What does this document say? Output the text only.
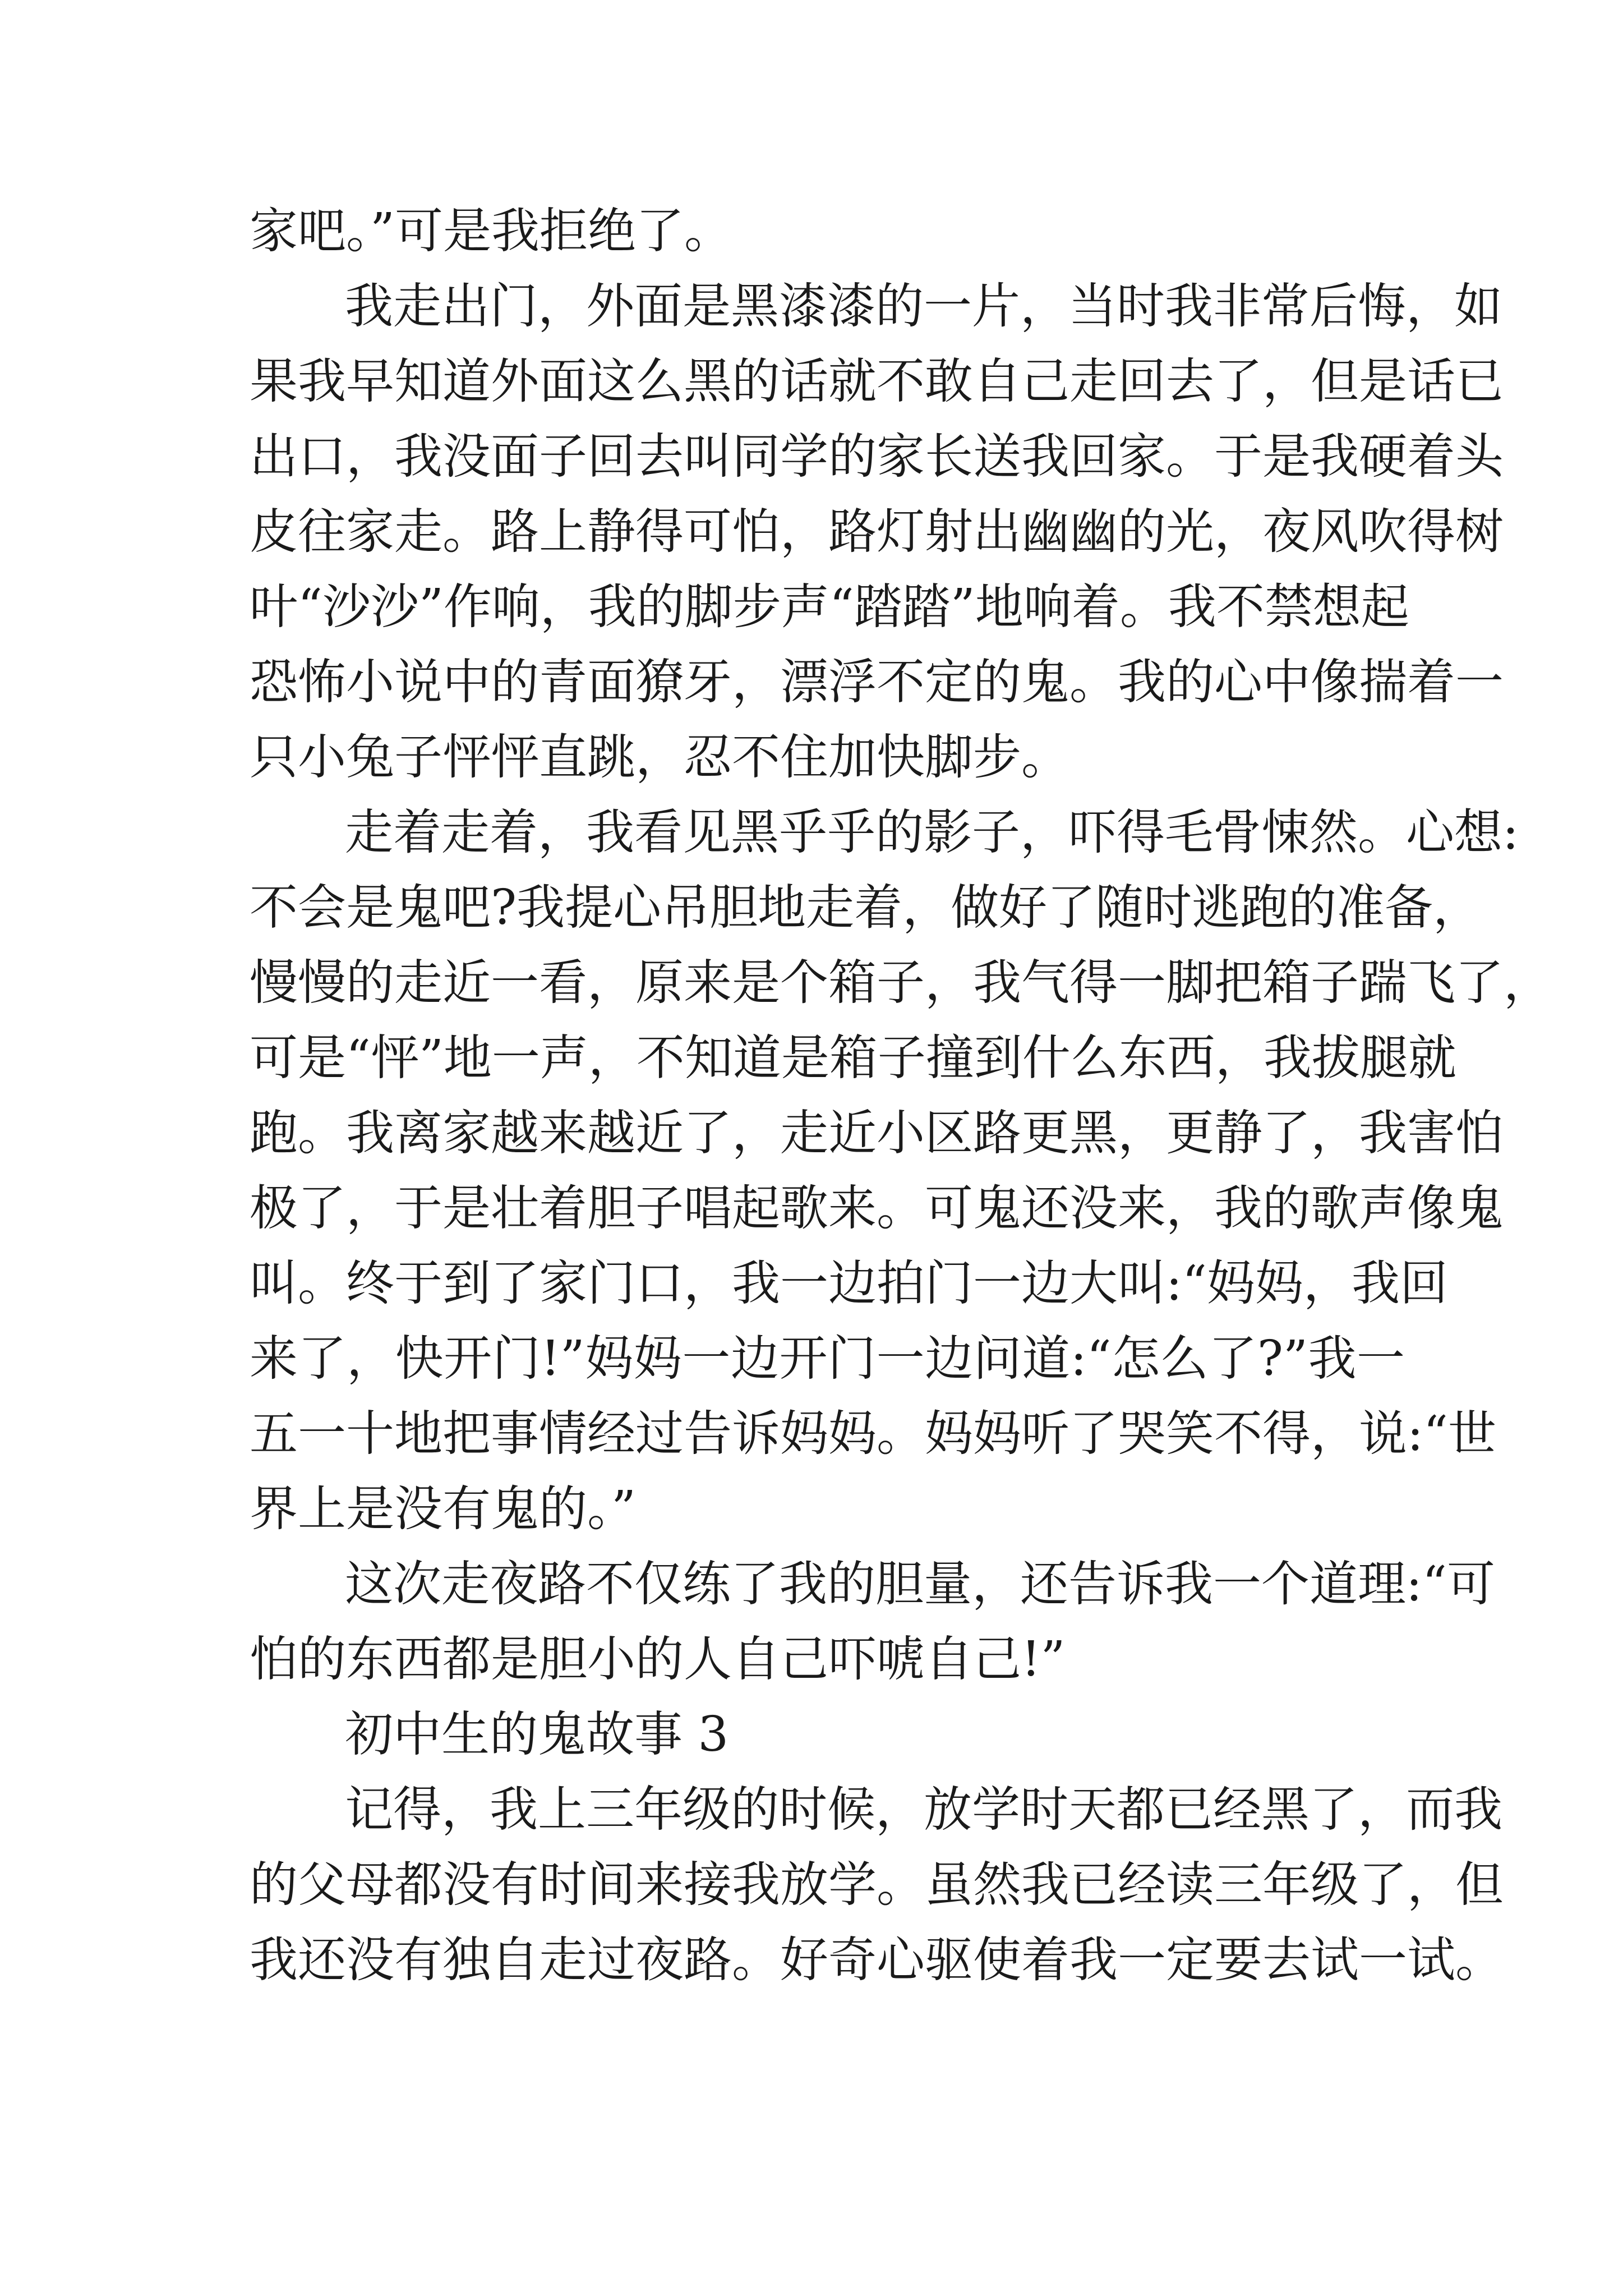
家吧。”可是我拒绝了。

我走出门，外面是黑漆漆的一片，当时我非常后悔，如

果我早知道外面这么黑的话就不敢自己走回去了，但是话已

出口，我没面子回去叫同学的家长送我回家。于是我硬着头

皮往家走。路上静得可怕，路灯射出幽幽的光，夜风吹得树

叶“沙沙”作响，我的脚步声“踏踏”地响着。我不禁想起

恐怖小说中的青面獠牙，漂浮不定的鬼。我的心中像揣着一

只小兔子怦怦直跳，忍不住加快脚步。

走着走着，我看见黑乎乎的影子，吓得毛骨悚然。心想:

不会是鬼吧?我提心吊胆地走着，做好了随时逃跑的准备，

慢慢的走近一看，原来是个箱子，我气得一脚把箱子踹飞了，

可是“怦”地一声，不知道是箱子撞到什么东西，我拔腿就

跑。我离家越来越近了，走近小区路更黑，更静了，我害怕

极了，于是壮着胆子唱起歌来。可鬼还没来，我的歌声像鬼

叫。终于到了家门口，我一边拍门一边大叫:“妈妈，我回

来了，快开门!”妈妈一边开门一边问道:“怎么了?”我一

五一十地把事情经过告诉妈妈。妈妈听了哭笑不得，说:“世

界上是没有鬼的。”

这次走夜路不仅练了我的胆量，还告诉我一个道理:“可

怕的东西都是胆小的人自己吓唬自己!”

初中生的鬼故事 3

记得，我上三年级的时候，放学时天都已经黑了，而我

的父母都没有时间来接我放学。虽然我已经读三年级了，但

我还没有独自走过夜路。好奇心驱使着我一定要去试一试。
